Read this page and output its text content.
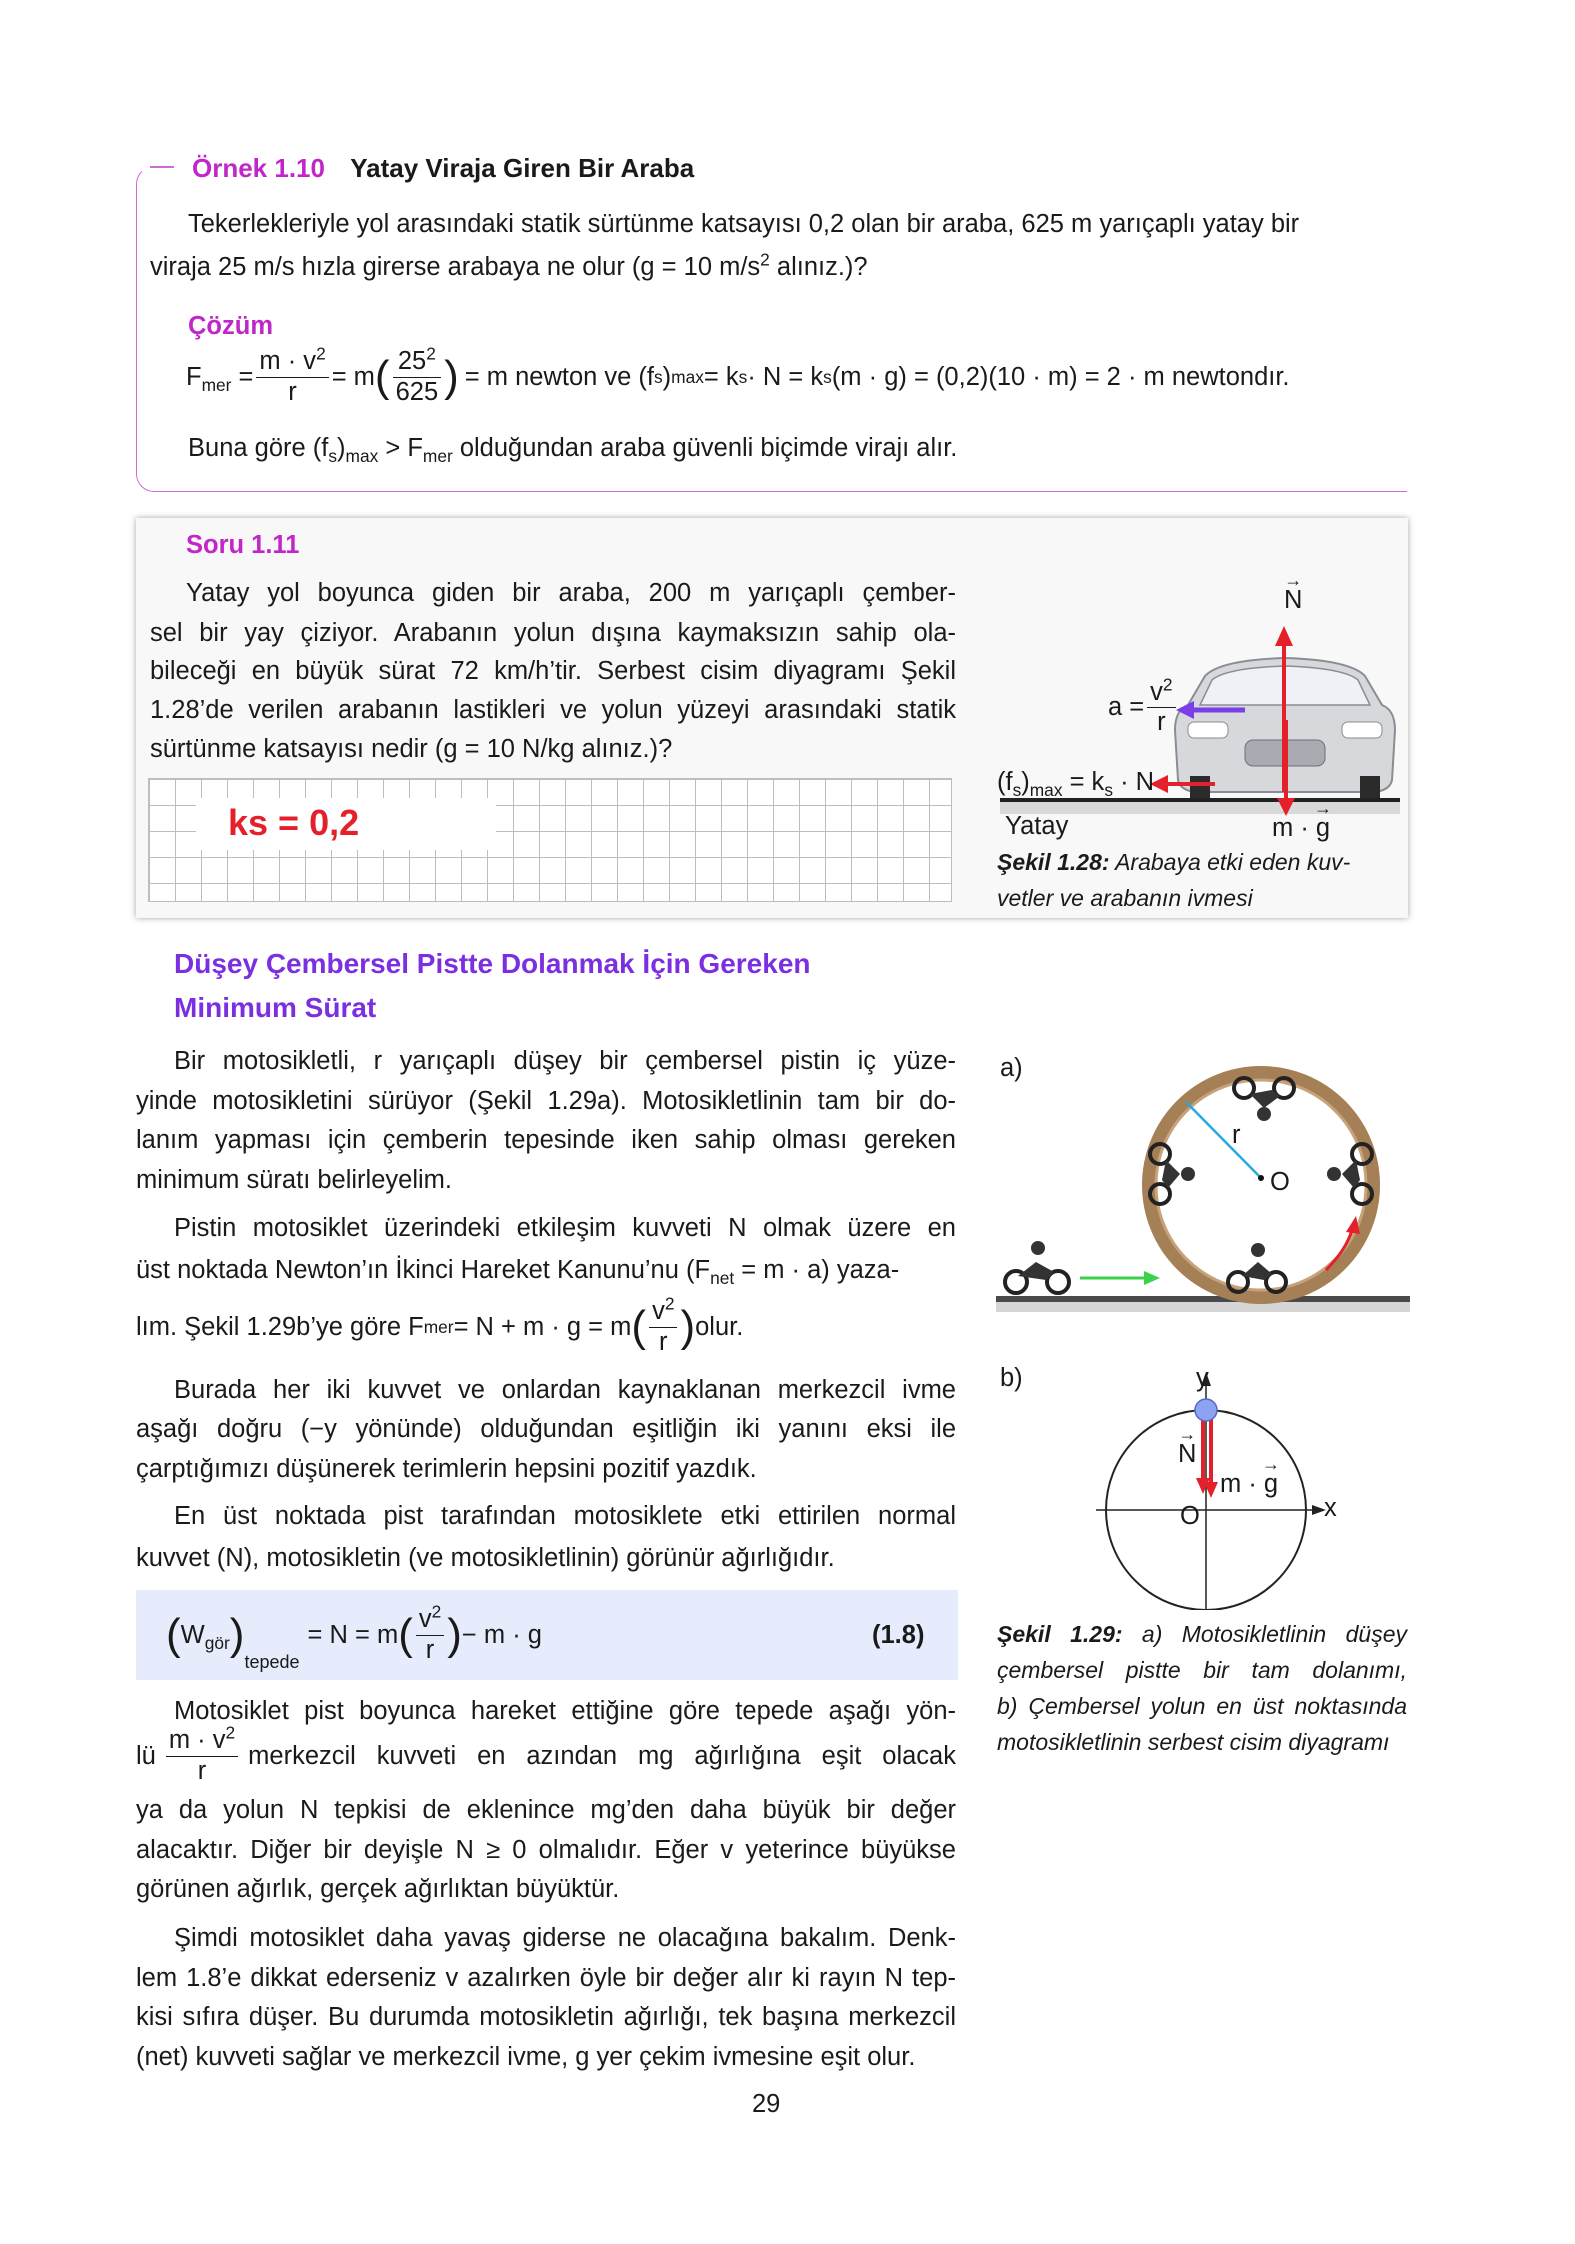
Örnek 1.10 Yatay Viraja Giren Bir Araba
Tekerlekleriyle yol arasındaki statik sürtünme katsayısı 0,2 olan bir araba, 625 m yarıçaplı yatay bir
viraja 25 m/s hızla girerse arabaya ne olur (g = 10 $m/s^2$ alınız.)?
Çözüm
$F_{mer} = \frac{m \cdot v^2}{r} = m$ ( $\frac{25^2}{625}$ ) = m newton ve (f s ) max = k s · N = k s (m · g) = (0,2)(10 · m) = 2 · m newtondır.
Buna göre $(f_s)_{max} > F_{mer}$ olduğundan araba güvenli biçimde virajı alır.
Soru 1.11
Yatay yol boyunca giden bir araba, 200 m yarıçaplı çember-
sel bir yay çiziyor. Arabanın yolun dışına kaymaksızın sahip ola-
bileceği en büyük sürat 72 km/h’tir. Serbest cisim diyagramı Şekil
1.28’de verilen arabanın lastikleri ve yolun yüzeyi arasındaki statik
sürtünme katsayısı nedir (g = 10 N/kg alınız.)?
ks = 0,2
→ N
$a = \frac{v^2}{r}$
$(f_s)_{max} = k_s \cdot N$
Yatay	m · → g
Şekil 1.28: Arabaya etki eden kuv-
vetler ve arabanın ivmesi
Düşey Çembersel Pistte Dolanmak İçin Gereken
Minimum Sürat
Bir motosikletli, r yarıçaplı düşey bir çembersel pistin iç yüze-
yinde motosikletini sürüyor (Şekil 1.29a). Motosikletlinin tam bir do-
lanım yapması için çemberin tepesinde iken sahip olması gereken
minimum süratı belirleyelim.
Pistin motosiklet üzerindeki etkileşim kuvveti N olmak üzere en
üst noktada Newton’ın İkinci Hareket Kanunu’nu $(F_{net} = m \cdot a)$ yaza-
lım. Şekil 1.29b’ye göre F mer = N + m · g = m ( $\frac{v^2}{r}$ ) olur.
Burada her iki kuvvet ve onlardan kaynaklanan merkezcil ivme
aşağı doğru (−y yönünde) olduğundan eşitliğin iki yanını eksi ile
çarptığımızı düşünerek terimlerin hepsini pozitif yazdık.
En üst noktada pist tarafından motosiklete etki ettirilen normal
kuvvet (N), motosikletin (ve motosikletlinin) görünür ağırlığıdır.
( $W_{gör}$ )
tepede
= N = m ( $\frac{v^2}{r}$ ) − m · g	(1.8)
Motosiklet pist boyunca hareket ettiğine göre tepede aşağı yön-
lü $\frac{m \cdot v^2}{r}$ merkezcil kuvveti en azından mg ağırlığına eşit olacak
ya da yolun N tepkisi de eklenince mg’den daha büyük bir değer
alacaktır. Diğer bir deyişle N ≥ 0 olmalıdır. Eğer v yeterince büyükse
görünen ağırlık, gerçek ağırlıktan büyüktür.
Şimdi motosiklet daha yavaş giderse ne olacağına bakalım. Denk-
lem 1.8’e dikkat ederseniz v azalırken öyle bir değer alır ki rayın N tep-
kisi sıfıra düşer. Bu durumda motosikletin ağırlığı, tek başına merkezcil
(net) kuvveti sağlar ve merkezcil ivme, g yer çekim ivmesine eşit olur.
a)
r
O
b)	y
x
→ N
m · → g
O
Şekil 1.29: a) Motosikletlinin düşey
çembersel pistte bir tam dolanımı,
b) Çembersel yolun en üst noktasında
motosikletlinin serbest cisim diyagramı
29
